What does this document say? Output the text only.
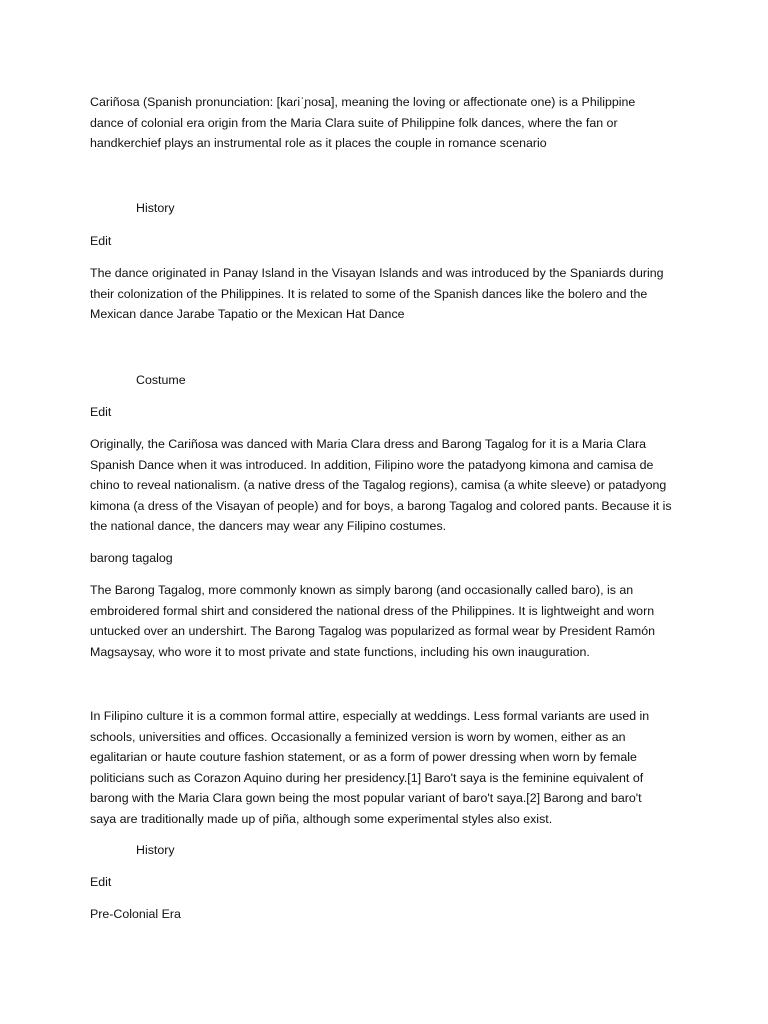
Cariñosa (Spanish pronunciation: [kaɾiˈɲosa], meaning the loving or affectionate one) is a Philippine
dance of colonial era origin from the Maria Clara suite of Philippine folk dances, where the fan or
handkerchief plays an instrumental role as it places the couple in romance scenario

History

Edit

The dance originated in Panay Island in the Visayan Islands and was introduced by the Spaniards during
their colonization of the Philippines. It is related to some of the Spanish dances like the bolero and the
Mexican dance Jarabe Tapatio or the Mexican Hat Dance

Costume

Edit

Originally, the Cariñosa was danced with Maria Clara dress and Barong Tagalog for it is a Maria Clara
Spanish Dance when it was introduced. In addition, Filipino wore the patadyong kimona and camisa de
chino to reveal nationalism. (a native dress of the Tagalog regions), camisa (a white sleeve) or patadyong
kimona (a dress of the Visayan of people) and for boys, a barong Tagalog and colored pants. Because it is
the national dance, the dancers may wear any Filipino costumes.

barong tagalog

The Barong Tagalog, more commonly known as simply barong (and occasionally called baro), is an
embroidered formal shirt and considered the national dress of the Philippines. It is lightweight and worn
untucked over an undershirt. The Barong Tagalog was popularized as formal wear by President Ramón
Magsaysay, who wore it to most private and state functions, including his own inauguration.

In Filipino culture it is a common formal attire, especially at weddings. Less formal variants are used in
schools, universities and offices. Occasionally a feminized version is worn by women, either as an
egalitarian or haute couture fashion statement, or as a form of power dressing when worn by female
politicians such as Corazon Aquino during her presidency.[1] Baro't saya is the feminine equivalent of
barong with the Maria Clara gown being the most popular variant of baro't saya.[2] Barong and baro't
saya are traditionally made up of piña, although some experimental styles also exist.

History

Edit

Pre-Colonial Era
